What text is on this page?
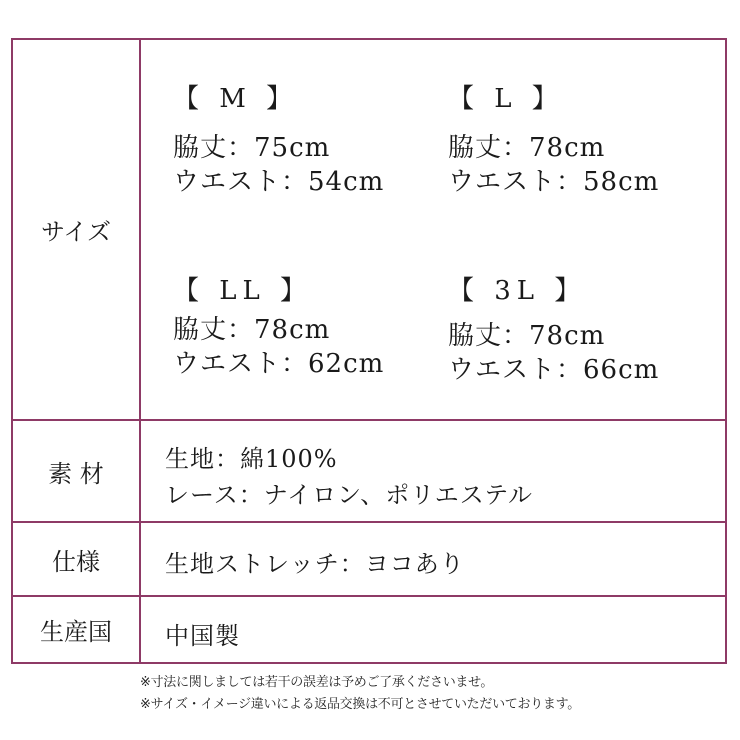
サイズ
【 M 】
脇丈：75cm
ウエスト：54cm
【 L 】
脇丈：78cm
ウエスト：58cm
【 LL 】
脇丈：78cm
ウエスト：62cm
【 3L 】
脇丈：78cm
ウエスト：66cm
素 材
生地：綿100%
レース：ナイロン、ポリエステル
仕様	生地ストレッチ：ヨコあり
生産国	中国製
※寸法に関しましては若干の誤差は予めご了承くださいませ。
※サイズ・イメージ違いによる返品交換は不可とさせていただいております。
